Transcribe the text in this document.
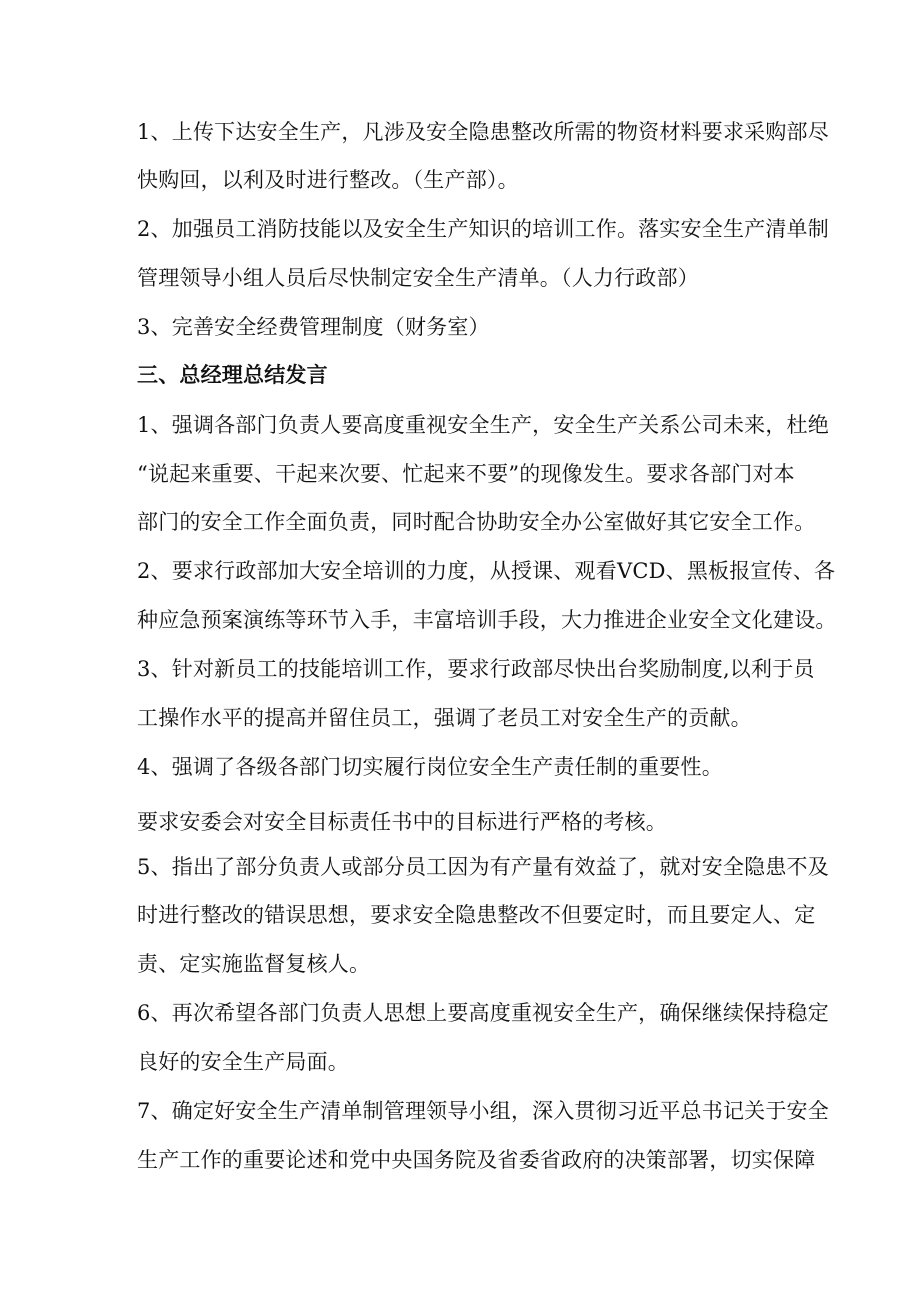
1、上传下达安全生产，凡涉及安全隐患整改所需的物资材料要求采购部尽
快购回，以利及时进行整改。（生产部）。
2、加强员工消防技能以及安全生产知识的培训工作。落实安全生产清单制
管理领导小组人员后尽快制定安全生产清单。（人力行政部）
3、完善安全经费管理制度（财务室）
三、总经理总结发言
1、强调各部门负责人要高度重视安全生产，安全生产关系公司未来，杜绝
“说起来重要、干起来次要、忙起来不要”的现像发生。要求各部门对本
部门的安全工作全面负责，同时配合协助安全办公室做好其它安全工作。
2、要求行政部加大安全培训的力度，从授课、观看VCD、黑板报宣传、各
种应急预案演练等环节入手，丰富培训手段，大力推进企业安全文化建设。
3、针对新员工的技能培训工作，要求行政部尽快出台奖励制度,以利于员
工操作水平的提高并留住员工，强调了老员工对安全生产的贡献。
4、强调了各级各部门切实履行岗位安全生产责任制的重要性。
要求安委会对安全目标责任书中的目标进行严格的考核。
5、指出了部分负责人或部分员工因为有产量有效益了，就对安全隐患不及
时进行整改的错误思想，要求安全隐患整改不但要定时，而且要定人、定
责、定实施监督复核人。
6、再次希望各部门负责人思想上要高度重视安全生产，确保继续保持稳定
良好的安全生产局面。
7、确定好安全生产清单制管理领导小组，深入贯彻习近平总书记关于安全
生产工作的重要论述和党中央国务院及省委省政府的决策部署，切实保障
